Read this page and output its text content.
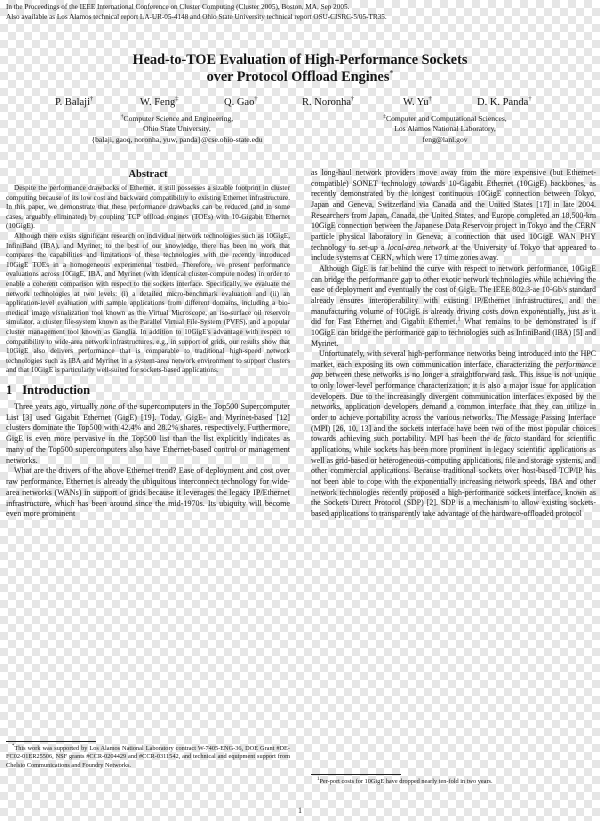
In the Proceedings of the IEEE International Conference on Cluster Computing (Cluster 2005), Boston, MA, Sep 2005.
Also available as Los Alamos technical report LA-UR-05-4148 and Ohio State University technical report OSU-CISRC-5/05-TR35.
Head-to-TOE Evaluation of High-Performance Sockets
over Protocol Offload Engines*
P. Balaji†	W. Feng‡	Q. Gao†	R. Noronha†	W. Yu†	D. K. Panda†
†Computer Science and Engineering,
Ohio State University,
{balaji, gaoq, noronha, yuw, panda}@cse.ohio-state.edu
‡Computer and Computational Sciences,
Los Alamos National Laboratory,
feng@lanl.gov
Abstract

Despite the performance drawbacks of Ethernet, it still possesses a sizable footprint in cluster computing because of its low cost and backward compatibility to existing Ethernet infrastructure. In this paper, we demonstrate that these performance drawbacks can be reduced (and in some cases, arguably eliminated) by coupling TCP offload engines (TOEs) with 10-Gigabit Ethernet (10GigE).

Although there exists significant research on individual network technologies such as 10GigE, InfiniBand (IBA), and Myrinet; to the best of our knowledge, there has been no work that compares the capabilities and limitations of these technologies with the recently introduced 10GigE TOEs in a homogeneous experimental testbed. Therefore, we present performance evaluations across 10GigE, IBA, and Myrinet (with identical cluster-compute nodes) in order to enable a coherent comparison with respect to the sockets interface. Specifically, we evaluate the network technologies at two levels: (i) a detailed micro-benchmark evaluation and (ii) an application-level evaluation with sample applications from different domains, including a bio-medical image visualization tool known as the Virtual Microscope, an iso-surface oil reservoir simulator, a cluster file-system known as the Parallel Virtual File-System (PVFS), and a popular cluster management tool known as Ganglia. In addition to 10GigE's advantage with respect to compatibility to wide-area network infrastructures, e.g., in support of grids, our results show that 10GigE also delivers performance that is comparable to traditional high-speed network technologies such as IBA and Myrinet in a system-area network environment to support clusters and that 10GigE is particularly well-suited for sockets-based applications.

1 Introduction

Three years ago, virtually none of the supercomputers in the Top500 Supercomputer List [3] used Gigabit Ethernet (GigE) [19]. Today, GigE- and Myrinet-based [12] clusters dominate the Top500 with 42.4% and 28.2% shares, respectively. Furthermore, GigE is even more pervasive in the Top500 list than the list explicitly indicates as many of the Top500 supercomputers also have Ethernet-based control or management networks.

What are the drivers of the above Ethernet trend? Ease of deployment and cost over raw performance. Ethernet is already the ubiquitous interconnect technology for wide-area networks (WANs) in support of grids because it leverages the legacy IP/Ethernet infrastructure, which has been around since the mid-1970s. Its ubiquity will become even more prominent

*This work was supported by Los Alamos National Laboratory contract W-7405-ENG-36, DOE Grant #DE-FC02-01ER25506, NSF grants #CCR-0204429 and #CCR-0311542, and technical and equipment support from Chelsio Communications and Foundry Networks.

as long-haul network providers move away from the more expensive (but Ethernet-compatible) SONET technology towards 10-Gigabit Ethernet (10GigE) backbones, as recently demonstrated by the longest continuous 10GigE connection between Tokyo, Japan and Geneva, Switzerland via Canada and the United States [17] in late 2004. Researchers from Japan, Canada, the United States, and Europe completed an 18,500-km 10GigE connection between the Japanese Data Reservoir project in Tokyo and the CERN particle physical laboratory in Geneva; a connection that used 10GigE WAN PHY technology to set-up a local-area network at the University of Tokyo that appeared to include systems at CERN, which were 17 time zones away.

Although GigE is far behind the curve with respect to network performance, 10GigE can bridge the performance gap to other exotic network technologies while achieving the ease of deployment and eventually the cost of GigE. The IEEE 802.3-ae 10-Gb/s standard already ensures interoperability with existing IP/Ethernet infrastructures, and the manufacturing volume of 10GigE is already driving costs down exponentially, just as it did for Fast Ethernet and Gigabit Ethernet.$^1$ What remains to be demonstrated is if 10GigE can bridge the performance gap to technologies such as InfiniBand (IBA) [5] and Myrinet.

Unfortunately, with several high-performance networks being introduced into the HPC market, each exposing its own communication interface, characterizing the performance gap between these networks is no longer a straightforward task. This issue is not unique to only lower-level performance characterization; it is also a major issue for application developers. Due to the increasingly divergent communication interfaces exposed by the networks, application developers demand a common interface that they can utilize in order to achieve portability across the various networks. The Message Passing Interface (MPI) [26, 10, 13] and the sockets interface have been two of the most popular choices towards achieving such portability. MPI has been the de facto standard for scientific applications, while sockets has been more prominent in legacy scientific applications as well as grid-based or heterogeneous-computing applications, file and storage systems, and other commercial applications. Because traditional sockets over host-based TCP/IP has not been able to cope with the exponentially increasing network speeds, IBA and other network technologies recently proposed a high-performance sockets interface, known as the Sockets Direct Protocol (SDP) [2]. SDP is a mechanism to allow existing sockets-based applications to transparently take advantage of the hardware-offloaded protocol

$^1$Per-port costs for 10GigE have dropped nearly ten-fold in two years.

1
